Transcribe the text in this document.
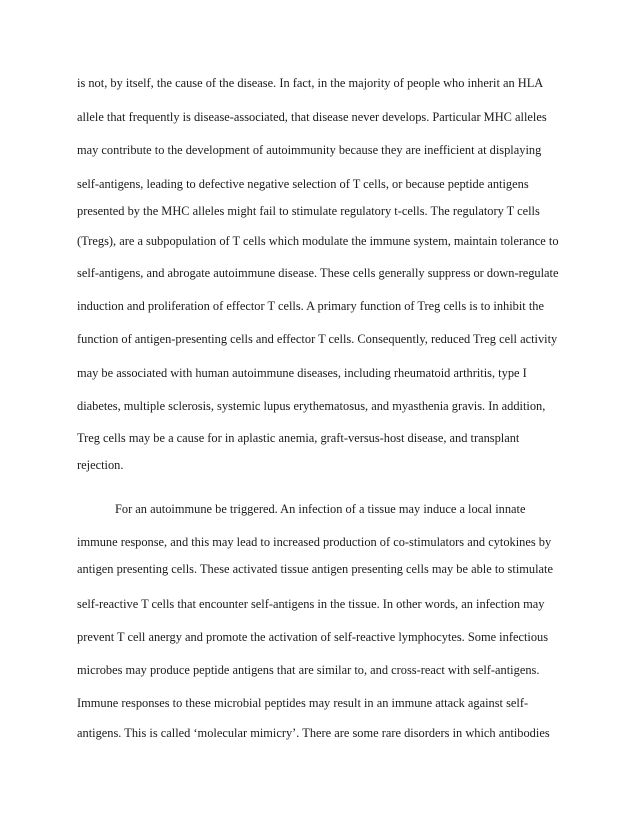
is not, by itself, the cause of the disease. In fact, in the majority of people who inherit an HLA
allele that frequently is disease-associated, that disease never develops. Particular MHC alleles
may contribute to the development of autoimmunity because they are inefficient at displaying
self-antigens, leading to defective negative selection of T cells, or because peptide antigens
presented by the MHC alleles might fail to stimulate regulatory t-cells. The regulatory T cells
(Tregs), are a subpopulation of T cells which modulate the immune system, maintain tolerance to
self-antigens, and abrogate autoimmune disease. These cells generally suppress or down-regulate
induction and proliferation of effector T cells. A primary function of Treg cells is to inhibit the
function of antigen-presenting cells and effector T cells. Consequently, reduced Treg cell activity
may be associated with human autoimmune diseases, including rheumatoid arthritis, type I
diabetes, multiple sclerosis, systemic lupus erythematosus, and myasthenia gravis. In addition,
Treg cells may be a cause for in aplastic anemia, graft-versus-host disease, and transplant
rejection.
For an autoimmune be triggered. An infection of a tissue may induce a local innate
immune response, and this may lead to increased production of co-stimulators and cytokines by
antigen presenting cells. These activated tissue antigen presenting cells may be able to stimulate
self-reactive T cells that encounter self-antigens in the tissue. In other words, an infection may
prevent T cell anergy and promote the activation of self-reactive lymphocytes. Some infectious
microbes may produce peptide antigens that are similar to, and cross-react with self-antigens.
Immune responses to these microbial peptides may result in an immune attack against self-
antigens. This is called ‘molecular mimicry’. There are some rare disorders in which antibodies
